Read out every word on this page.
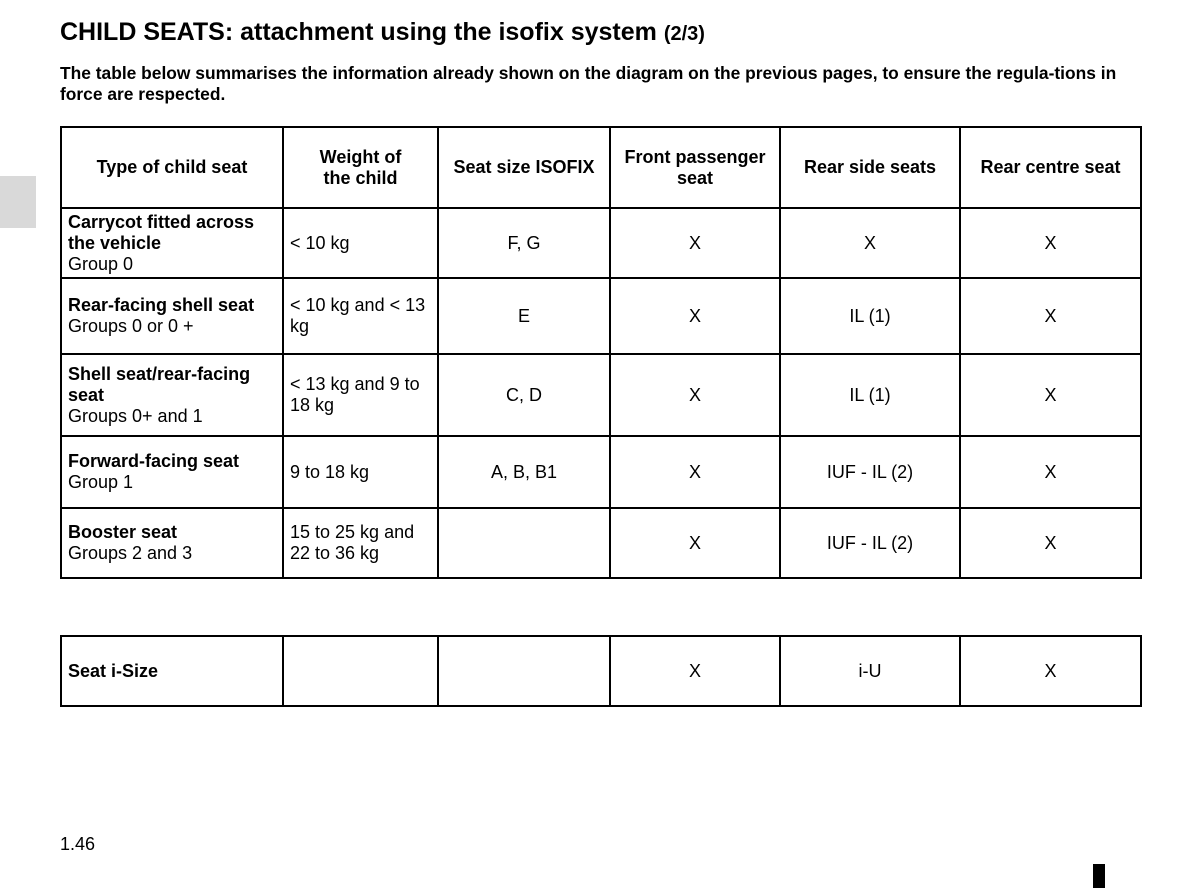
CHILD SEATS: attachment using the isofix system (2/3)

The table below summarises the information already shown on the diagram on the previous pages, to ensure the regula-tions in force are respected.

Type of child seat	Weight of the child	Seat size ISOFIX	Front passenger seat	Rear side seats	Rear centre seat

Carrycot fitted across the vehicle
Group 0	< 10 kg	F, G	X	X	X

Rear-facing shell seat
Groups 0 or 0 +	< 10 kg and < 13 kg	E	X	IL (1)	X

Shell seat/rear-facing seat
Groups 0+ and 1	< 13 kg and 9 to 18 kg	C, D	X	IL (1)	X

Forward-facing seat
Group 1	9 to 18 kg	A, B, B1	X	IUF - IL (2)	X

Booster seat
Groups 2 and 3	15 to 25 kg and 22 to 36 kg		X	IUF - IL (2)	X
Seat i-Size			X	i-U	X
1.46
